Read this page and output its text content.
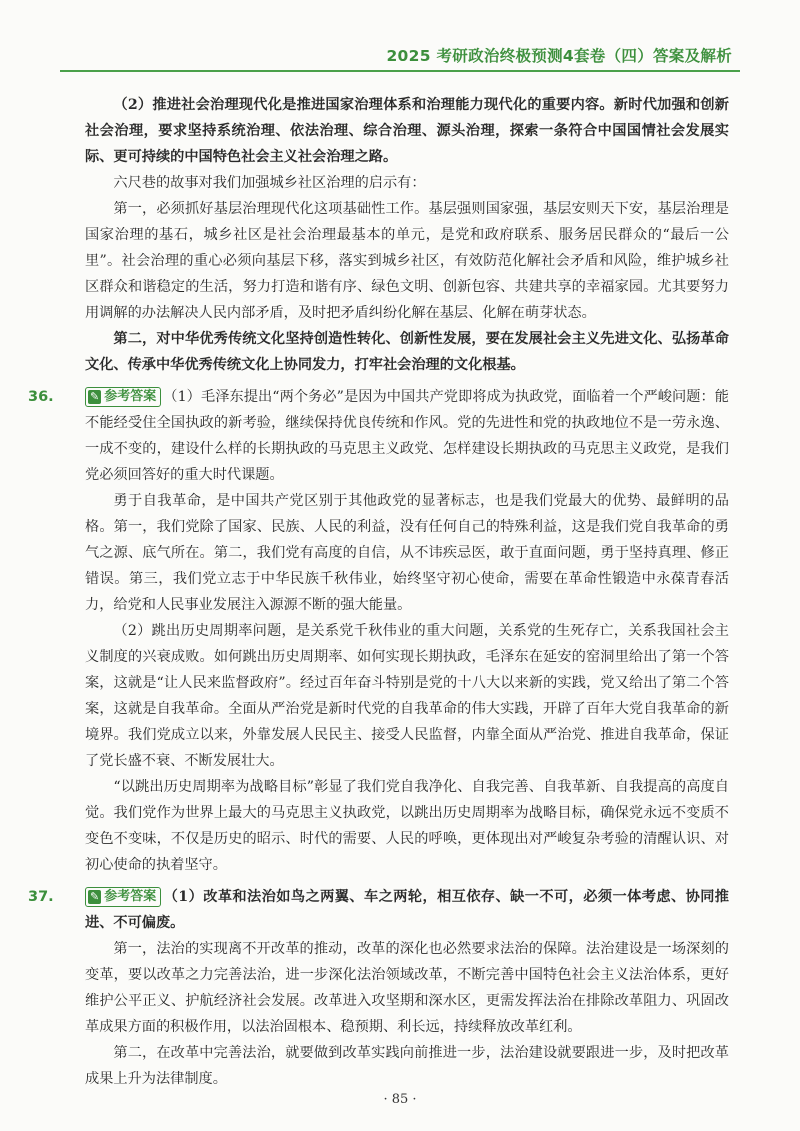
2025 考研政治终极预测4套卷（四）答案及解析

（2）推进社会治理现代化是推进国家治理体系和治理能力现代化的重要内容。新时代加强和创新社会治理，要求坚持系统治理、依法治理、综合治理、源头治理，探索一条符合中国国情社会发展实际、更可持续的中国特色社会主义社会治理之路。

六尺巷的故事对我们加强城乡社区治理的启示有：

第一，必须抓好基层治理现代化这项基础性工作。基层强则国家强，基层安则天下安，基层治理是国家治理的基石，城乡社区是社会治理最基本的单元，是党和政府联系、服务居民群众的“最后一公里”。社会治理的重心必须向基层下移，落实到城乡社区，有效防范化解社会矛盾和风险，维护城乡社区群众和谐稳定的生活，努力打造和谐有序、绿色文明、创新包容、共建共享的幸福家园。尤其要努力用调解的办法解决人民内部矛盾，及时把矛盾纠纷化解在基层、化解在萌芽状态。

第二，对中华优秀传统文化坚持创造性转化、创新性发展，要在发展社会主义先进文化、弘扬革命文化、传承中华优秀传统文化上协同发力，打牢社会治理的文化根基。

36.	✎ 参考答案 （1）毛泽东提出“两个务必”是因为中国共产党即将成为执政党，面临着一个严峻问题：能不能经受住全国执政的新考验，继续保持优良传统和作风。党的先进性和党的执政地位不是一劳永逸、一成不变的，建设什么样的长期执政的马克思主义政党、怎样建设长期执政的马克思主义政党，是我们党必须回答好的重大时代课题。

勇于自我革命，是中国共产党区别于其他政党的显著标志，也是我们党最大的优势、最鲜明的品格。第一，我们党除了国家、民族、人民的利益，没有任何自己的特殊利益，这是我们党自我革命的勇气之源、底气所在。第二，我们党有高度的自信，从不讳疾忌医，敢于直面问题，勇于坚持真理、修正错误。第三，我们党立志于中华民族千秋伟业，始终坚守初心使命，需要在革命性锻造中永葆青春活力，给党和人民事业发展注入源源不断的强大能量。

（2）跳出历史周期率问题，是关系党千秋伟业的重大问题，关系党的生死存亡，关系我国社会主义制度的兴衰成败。如何跳出历史周期率、如何实现长期执政，毛泽东在延安的窑洞里给出了第一个答案，这就是“让人民来监督政府”。经过百年奋斗特别是党的十八大以来新的实践，党又给出了第二个答案，这就是自我革命。全面从严治党是新时代党的自我革命的伟大实践，开辟了百年大党自我革命的新境界。我们党成立以来，外靠发展人民民主、接受人民监督，内靠全面从严治党、推进自我革命，保证了党长盛不衰、不断发展壮大。

“以跳出历史周期率为战略目标”彰显了我们党自我净化、自我完善、自我革新、自我提高的高度自觉。我们党作为世界上最大的马克思主义执政党，以跳出历史周期率为战略目标，确保党永远不变质不变色不变味，不仅是历史的昭示、时代的需要、人民的呼唤，更体现出对严峻复杂考验的清醒认识、对初心使命的执着坚守。

37.	✎ 参考答案 （1）改革和法治如鸟之两翼、车之两轮，相互依存、缺一不可，必须一体考虑、协同推进、不可偏废。

第一，法治的实现离不开改革的推动，改革的深化也必然要求法治的保障。法治建设是一场深刻的变革，要以改革之力完善法治，进一步深化法治领域改革，不断完善中国特色社会主义法治体系，更好维护公平正义、护航经济社会发展。改革进入攻坚期和深水区，更需发挥法治在排除改革阻力、巩固改革成果方面的积极作用，以法治固根本、稳预期、利长远，持续释放改革红利。

第二，在改革中完善法治，就要做到改革实践向前推进一步，法治建设就要跟进一步，及时把改革成果上升为法律制度。

· 85 ·
